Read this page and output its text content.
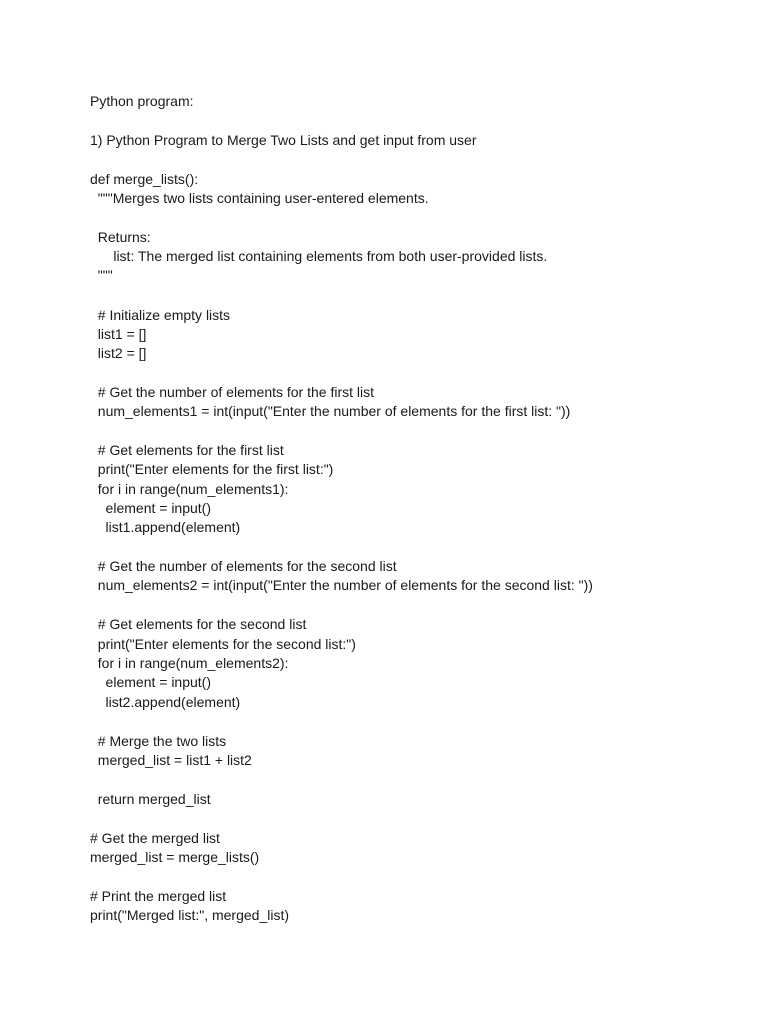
Python program:
1) Python Program to Merge Two Lists and get input from user
def merge_lists():
"""Merges two lists containing user-entered elements.
Returns:
list: The merged list containing elements from both user-provided lists.
"""
# Initialize empty lists
list1 = []
list2 = []
# Get the number of elements for the first list
num_elements1 = int(input("Enter the number of elements for the first list: "))
# Get elements for the first list
print("Enter elements for the first list:")
for i in range(num_elements1):
element = input()
list1.append(element)
# Get the number of elements for the second list
num_elements2 = int(input("Enter the number of elements for the second list: "))
# Get elements for the second list
print("Enter elements for the second list:")
for i in range(num_elements2):
element = input()
list2.append(element)
# Merge the two lists
merged_list = list1 + list2
return merged_list
# Get the merged list
merged_list = merge_lists()
# Print the merged list
print("Merged list:", merged_list)
